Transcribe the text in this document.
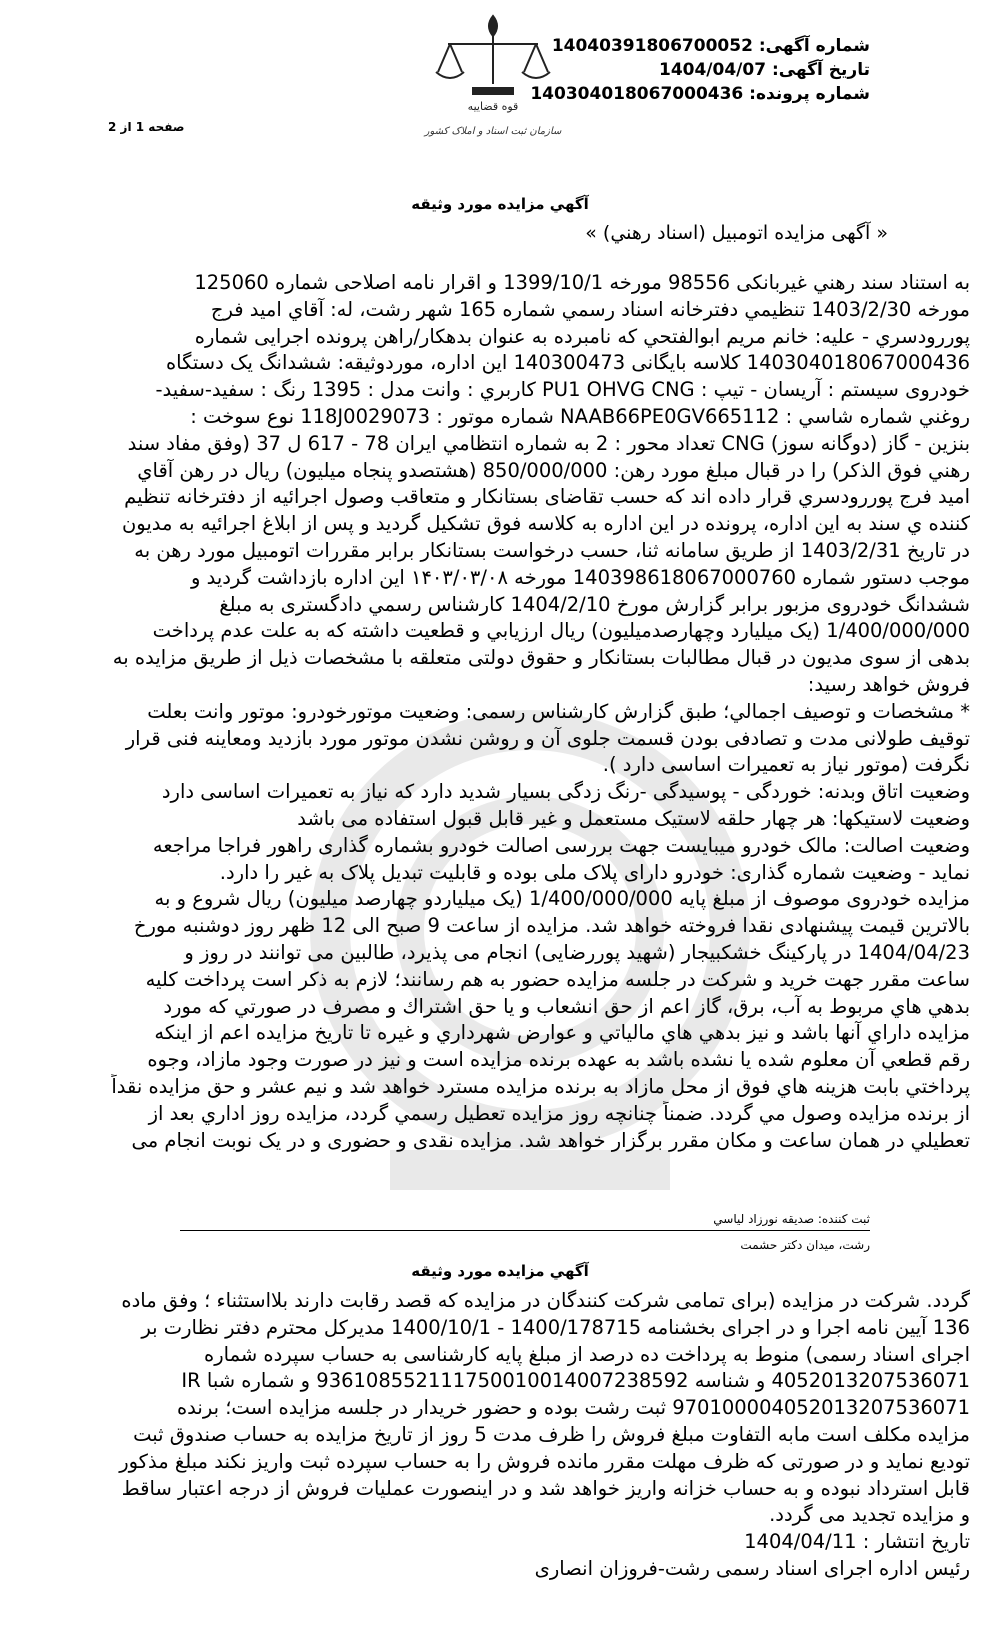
قوه قضاییه
سازمان ثبت اسناد و املاک کشور
شماره آگهی: 14040391806700052
تاریخ آگهی: 1404/04/07
شماره پرونده: 140304018067000436
صفحه 1 از 2
آگهي مزايده مورد وثيقه
« آگهی مزایده اتومبیل (اسناد رهني) »
به استناد سند رهني غيربانكی 98556 مورخه 1399/10/1 و اقرار نامه اصلاحی شماره 125060
مورخه 1403/2/30 تنظيمي دفترخانه اسناد رسمي شماره 165 شهر رشت، له: آقاي اميد فرج
پوررودسري - عليه: خانم مريم ابوالفتحي كه نامبرده به عنوان بدهكار/راهن پرونده اجرايی شماره
140304018067000436 كلاسه بايگانی 140300473 اين اداره، موردوثيقه: ششدانگ يک دستگاه
خودروی سيستم : آريسان - تيپ : PU1 OHVG CNG كاربري : وانت مدل : 1395 رنگ : سفيد-سفيد-
روغني شماره شاسي : NAAB66PE0GV665112 شماره موتور : 118J0029073 نوع سوخت :
بنزين - گاز (دوگانه سوز) CNG تعداد محور : 2 به شماره انتظامي ايران 78 - 617 ل 37 (وفق مفاد سند
رهني فوق الذكر) را در قبال مبلغ مورد رهن: 850/000/000 (هشتصدو پنجاه ميليون) ريال در رهن آقاي
اميد فرج پوررودسري قرار داده اند كه حسب تقاضای بستانكار و متعاقب وصول اجرائيه از دفترخانه تنظيم
كننده ي سند به اين اداره، پرونده در اين اداره به كلاسه فوق تشكيل گرديد و پس از ابلاغ اجرائيه به مديون
در تاريخ 1403/2/31 از طريق سامانه ثنا، حسب درخواست بستانكار برابر مقررات اتومبيل مورد رهن به
موجب دستور شماره 140398618067000760 مورخه ۱۴۰۳/۰۳/۰۸ اين اداره بازداشت گرديد و
ششدانگ خودروی مزبور برابر گزارش مورخ 1404/2/10 كارشناس رسمي دادگستری به مبلغ
1/400/000/000 (يک ميليارد وچهارصدميليون) ريال ارزيابي و قطعيت داشته كه به علت عدم پرداخت
بدهی از سوی مديون در قبال مطالبات بستانكار و حقوق دولتی متعلقه با مشخصات ذيل از طريق مزايده به
فروش خواهد رسيد:
* مشخصات و توصيف اجمالي؛ طبق گزارش كارشناس رسمی: وضعيت موتورخودرو: موتور وانت بعلت
توقيف طولانی مدت و تصادفی بودن قسمت جلوی آن و روشن نشدن موتور مورد بازديد ومعاينه فنی قرار
نگرفت (موتور نياز به تعميرات اساسی دارد ).
وضعيت اتاق وبدنه: خوردگی - پوسيدگی -رنگ زدگی بسيار شديد دارد كه نياز به تعميرات اساسی دارد
وضعيت لاستيكها: هر چهار حلقه لاستيک مستعمل و غير قابل قبول استفاده می باشد
وضعيت اصالت: مالک خودرو ميبايست جهت بررسی اصالت خودرو بشماره گذاری راهور فراجا مراجعه
نمايد - وضعيت شماره گذاری: خودرو دارای پلاک ملی بوده و قابليت تبديل پلاک به غير را دارد.
مزايده خودروی موصوف از مبلغ پايه 1/400/000/000 (يک ميلياردو چهارصد ميليون) ريال شروع و به
بالاترين قيمت پيشنهادی نقدا فروخته خواهد شد. مزايده از ساعت 9 صبح الی 12 ظهر روز دوشنبه مورخ
1404/04/23 در پاركينگ خشكبيجار (شهيد پوررضايی) انجام می پذيرد، طالبين می توانند در روز و
ساعت مقرر جهت خريد و شركت در جلسه مزايده حضور به هم رسانند؛ لازم به ذكر است پرداخت كليه
بدهي هاي مربوط به آب، برق، گاز اعم از حق انشعاب و يا حق اشتراك و مصرف در صورتي كه مورد
مزايده داراي آنها باشد و نيز بدهي هاي مالياتي و عوارض شهرداري و غيره تا تاريخ مزايده اعم از اينكه
رقم قطعي آن معلوم شده يا نشده باشد به عهده برنده مزايده است و نيز در صورت وجود مازاد، وجوه
پرداختي بابت هزينه هاي فوق از محل مازاد به برنده مزايده مسترد خواهد شد و نيم عشر و حق مزايده نقداً
از برنده مزايده وصول مي گردد. ضمناً چنانچه روز مزايده تعطيل رسمي گردد، مزايده روز اداري بعد از
تعطيلي در همان ساعت و مكان مقرر برگزار خواهد شد. مزايده نقدی و حضوری و در يک نوبت انجام می
ثبت كننده: صديقه نورزاد لياسي
رشت، ميدان دكتر حشمت
آگهي مزايده مورد وثيقه
گردد. شركت در مزايده (برای تمامی شركت كنندگان در مزايده كه قصد رقابت دارند بلااستثناء ؛ وفق ماده
136 آيين نامه اجرا و در اجرای بخشنامه 1400/178715 - 1400/10/1 مديركل محترم دفتر نظارت بر
اجرای اسناد رسمی) منوط به پرداخت ده درصد از مبلغ پايه كارشناسی به حساب سپرده شماره
4052013207536071 و شناسه 936108552111750010014007238592 و شماره شبا IR
970100004052013207536071 ثبت رشت بوده و حضور خريدار در جلسه مزايده است؛ برنده
مزايده مكلف است مابه التفاوت مبلغ فروش را ظرف مدت 5 روز از تاريخ مزايده به حساب صندوق ثبت
توديع نمايد و در صورتی كه ظرف مهلت مقرر مانده فروش را به حساب سپرده ثبت واريز نكند مبلغ مذكور
قابل استرداد نبوده و به حساب خزانه واريز خواهد شد و در اينصورت عمليات فروش از درجه اعتبار ساقط
و مزايده تجديد می گردد.
تاريخ انتشار : 1404/04/11
رئيس اداره اجرای اسناد رسمی رشت-فروزان انصاری
